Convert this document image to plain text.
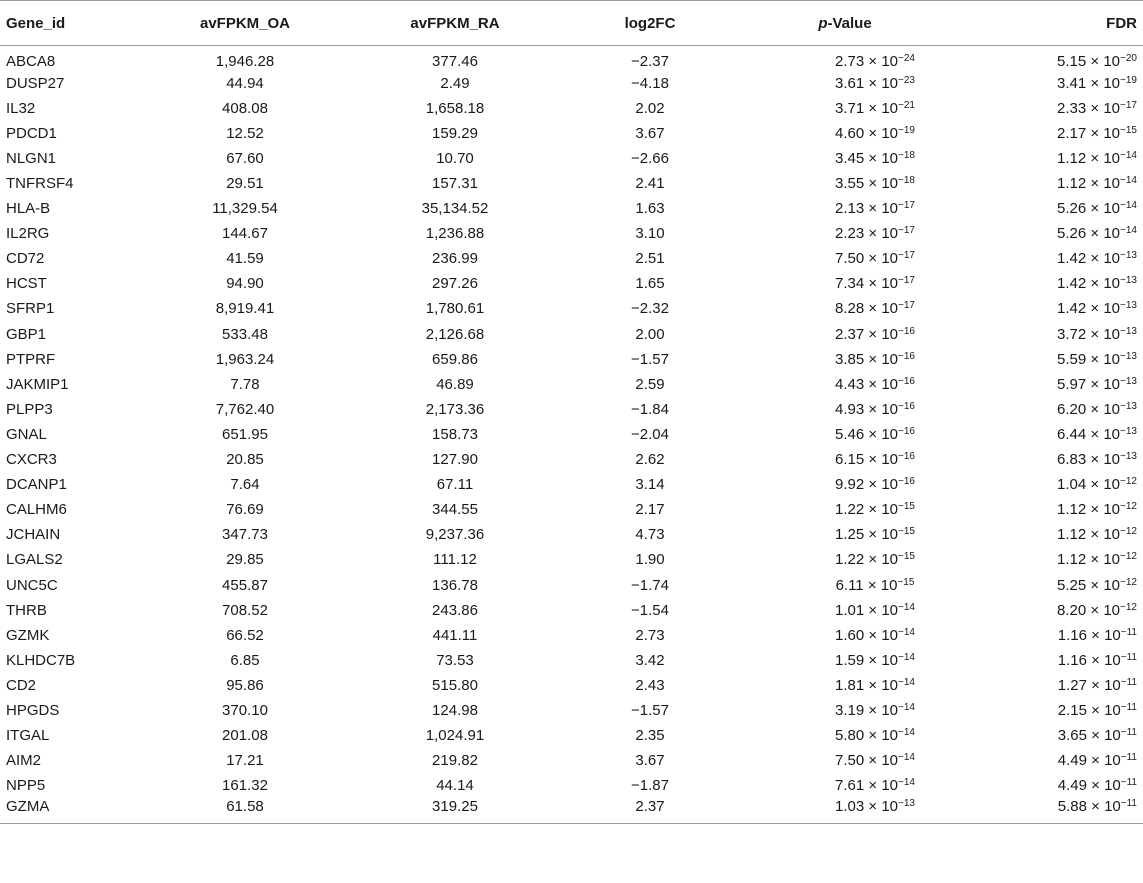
Gene_id	avFPKM_OA	avFPKM_RA	log2FC	p-Value	FDR
ABCA8	1,946.28	377.46	−2.37	$2.73 \times 10^{-24}$	$5.15 \times 10^{-20}$
DUSP27	44.94	2.49	−4.18	$3.61 \times 10^{-23}$	$3.41 \times 10^{-19}$
IL32	408.08	1,658.18	2.02	$3.71 \times 10^{-21}$	$2.33 \times 10^{-17}$
PDCD1	12.52	159.29	3.67	$4.60 \times 10^{-19}$	$2.17 \times 10^{-15}$
NLGN1	67.60	10.70	−2.66	$3.45 \times 10^{-18}$	$1.12 \times 10^{-14}$
TNFRSF4	29.51	157.31	2.41	$3.55 \times 10^{-18}$	$1.12 \times 10^{-14}$
HLA-B	11,329.54	35,134.52	1.63	$2.13 \times 10^{-17}$	$5.26 \times 10^{-14}$
IL2RG	144.67	1,236.88	3.10	$2.23 \times 10^{-17}$	$5.26 \times 10^{-14}$
CD72	41.59	236.99	2.51	$7.50 \times 10^{-17}$	$1.42 \times 10^{-13}$
HCST	94.90	297.26	1.65	$7.34 \times 10^{-17}$	$1.42 \times 10^{-13}$
SFRP1	8,919.41	1,780.61	−2.32	$8.28 \times 10^{-17}$	$1.42 \times 10^{-13}$
GBP1	533.48	2,126.68	2.00	$2.37 \times 10^{-16}$	$3.72 \times 10^{-13}$
PTPRF	1,963.24	659.86	−1.57	$3.85 \times 10^{-16}$	$5.59 \times 10^{-13}$
JAKMIP1	7.78	46.89	2.59	$4.43 \times 10^{-16}$	$5.97 \times 10^{-13}$
PLPP3	7,762.40	2,173.36	−1.84	$4.93 \times 10^{-16}$	$6.20 \times 10^{-13}$
GNAL	651.95	158.73	−2.04	$5.46 \times 10^{-16}$	$6.44 \times 10^{-13}$
CXCR3	20.85	127.90	2.62	$6.15 \times 10^{-16}$	$6.83 \times 10^{-13}$
DCANP1	7.64	67.11	3.14	$9.92 \times 10^{-16}$	$1.04 \times 10^{-12}$
CALHM6	76.69	344.55	2.17	$1.22 \times 10^{-15}$	$1.12 \times 10^{-12}$
JCHAIN	347.73	9,237.36	4.73	$1.25 \times 10^{-15}$	$1.12 \times 10^{-12}$
LGALS2	29.85	111.12	1.90	$1.22 \times 10^{-15}$	$1.12 \times 10^{-12}$
UNC5C	455.87	136.78	−1.74	$6.11 \times 10^{-15}$	$5.25 \times 10^{-12}$
THRB	708.52	243.86	−1.54	$1.01 \times 10^{-14}$	$8.20 \times 10^{-12}$
GZMK	66.52	441.11	2.73	$1.60 \times 10^{-14}$	$1.16 \times 10^{-11}$
KLHDC7B	6.85	73.53	3.42	$1.59 \times 10^{-14}$	$1.16 \times 10^{-11}$
CD2	95.86	515.80	2.43	$1.81 \times 10^{-14}$	$1.27 \times 10^{-11}$
HPGDS	370.10	124.98	−1.57	$3.19 \times 10^{-14}$	$2.15 \times 10^{-11}$
ITGAL	201.08	1,024.91	2.35	$5.80 \times 10^{-14}$	$3.65 \times 10^{-11}$
AIM2	17.21	219.82	3.67	$7.50 \times 10^{-14}$	$4.49 \times 10^{-11}$
NPP5	161.32	44.14	−1.87	$7.61 \times 10^{-14}$	$4.49 \times 10^{-11}$
GZMA	61.58	319.25	2.37	$1.03 \times 10^{-13}$	$5.88 \times 10^{-11}$
